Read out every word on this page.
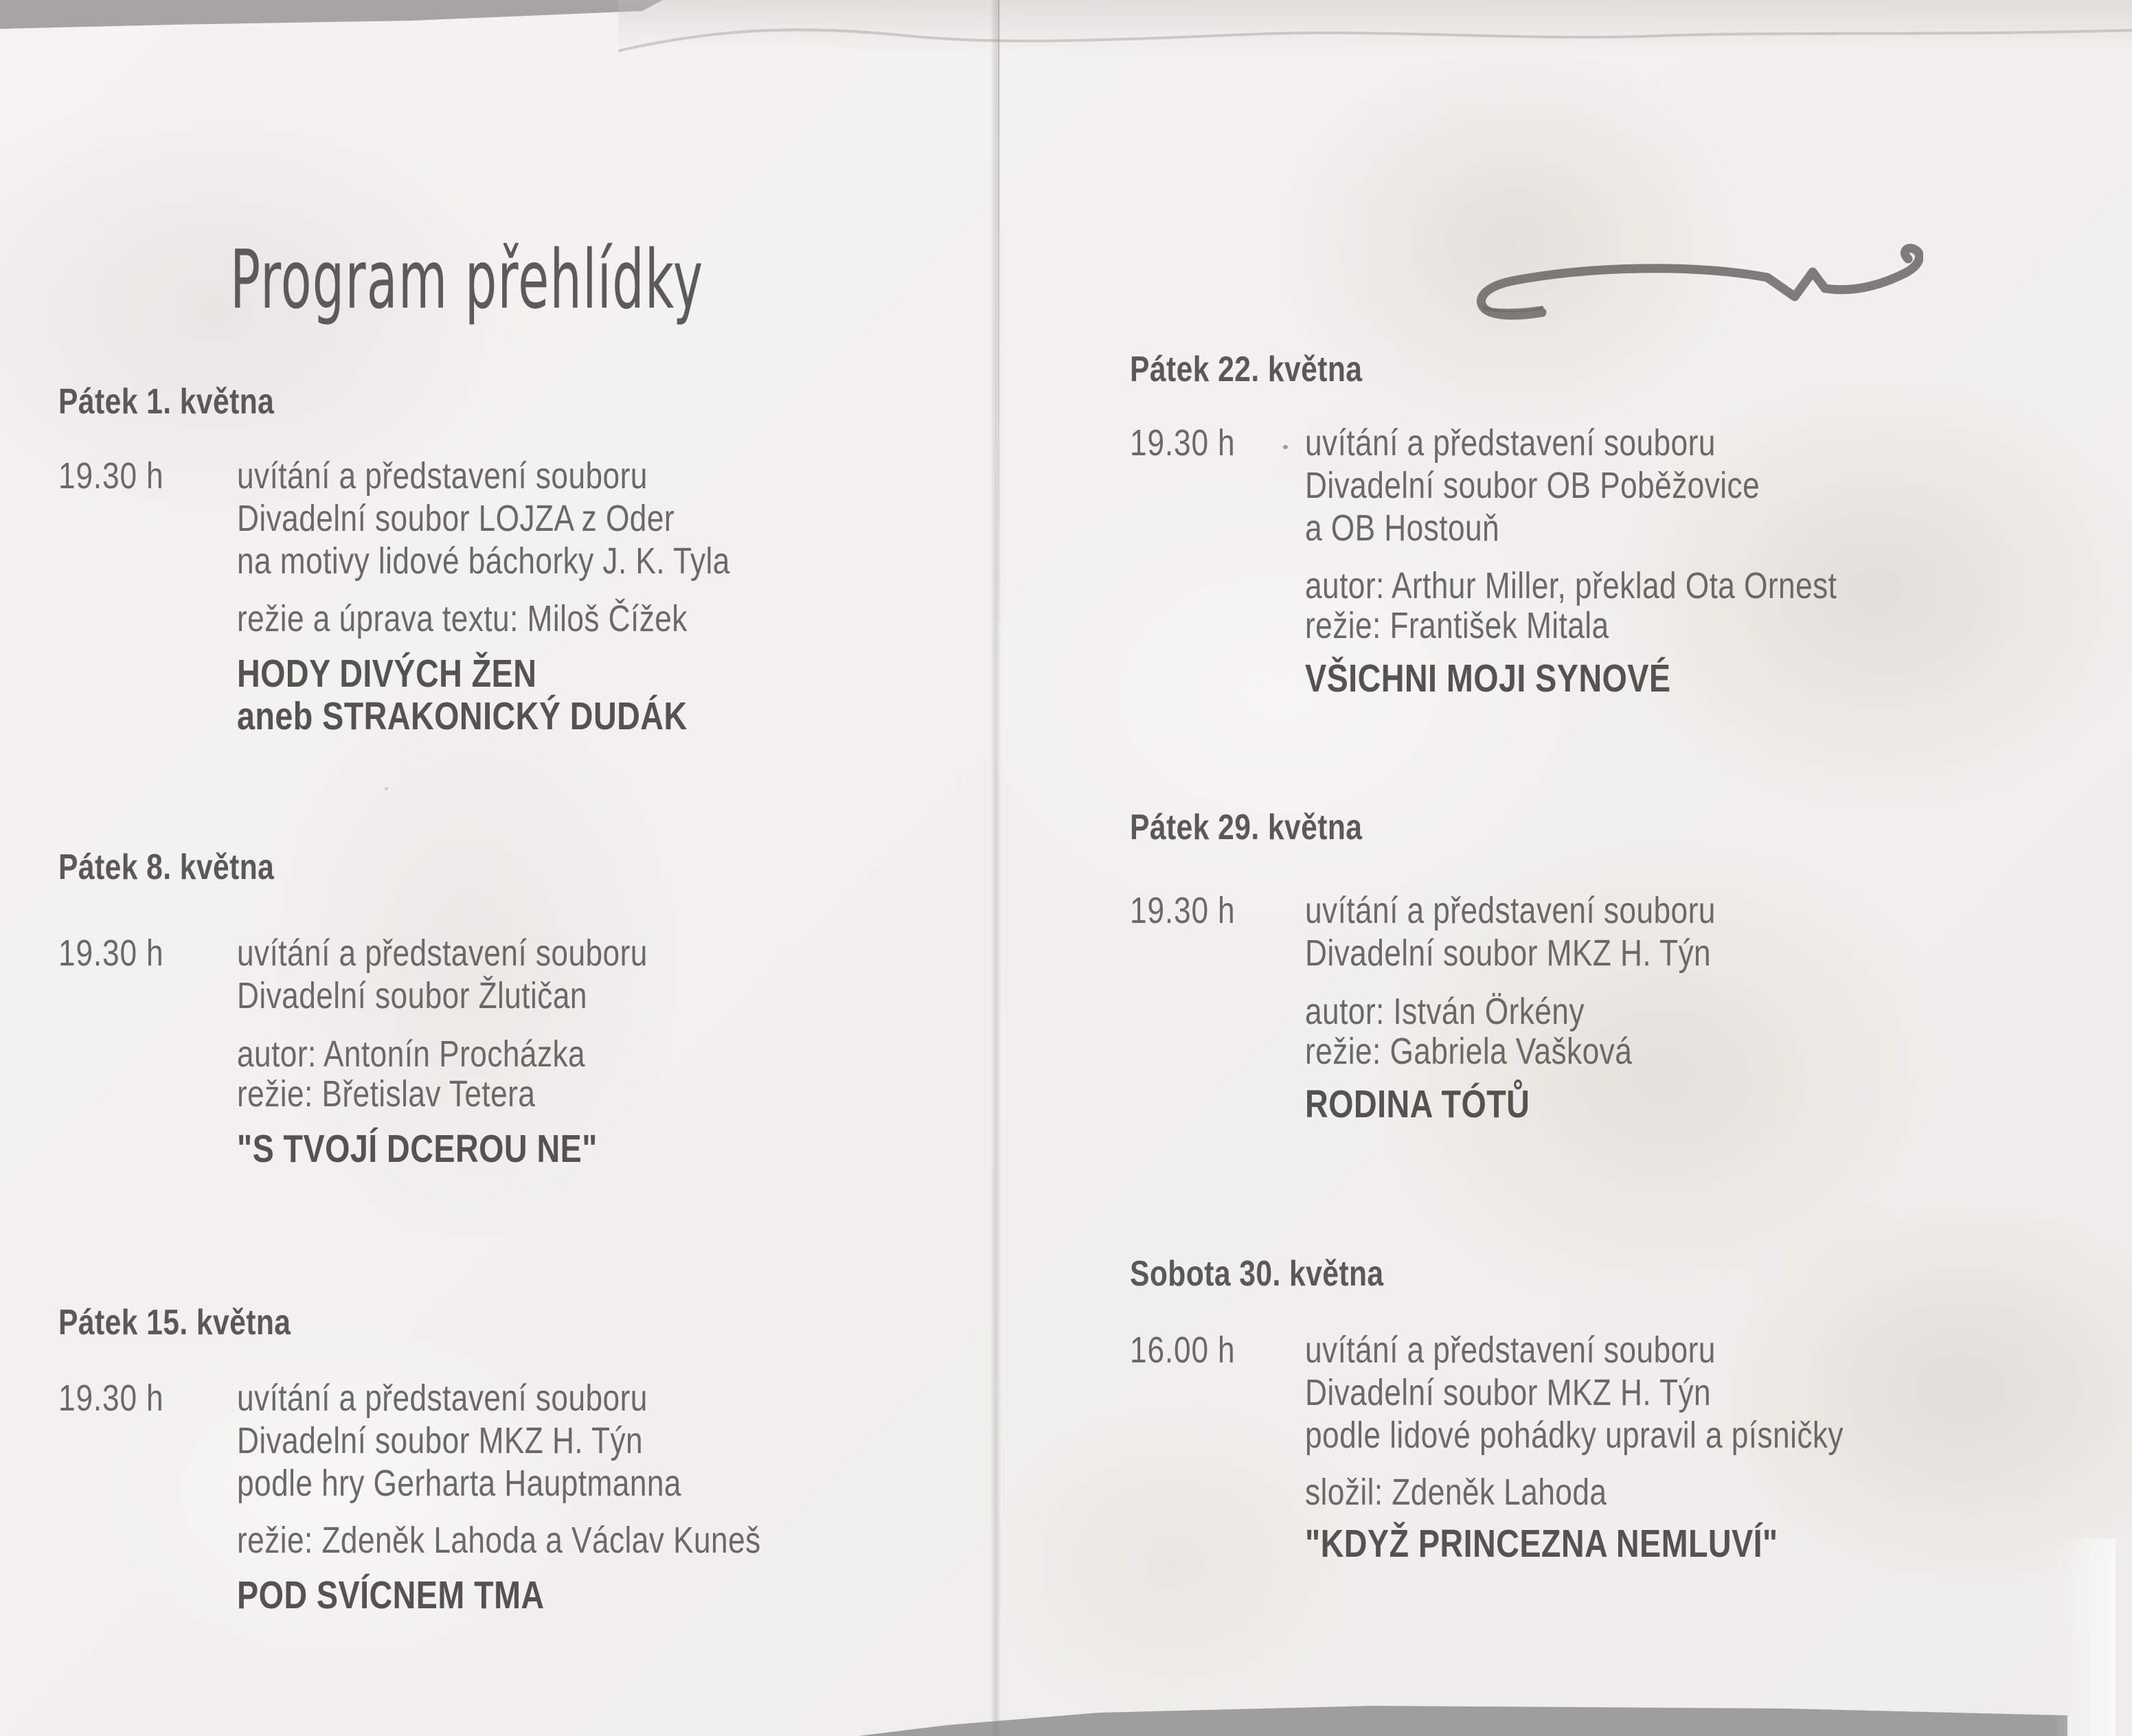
Program přehlídky
Pátek 1. května
19.30 h uvítání a představení souboru
Divadelní soubor LOJZA z Oder
na motivy lidové báchorky J. K. Tyla
režie a úprava textu: Miloš Čížek
HODY DIVÝCH ŽEN
aneb STRAKONICKÝ DUDÁK
Pátek 8. května
19.30 h uvítání a představení souboru
Divadelní soubor Žlutičan
autor: Antonín Procházka
režie: Břetislav Tetera
"S TVOJÍ DCEROU NE"
Pátek 15. května
19.30 h uvítání a představení souboru
Divadelní soubor MKZ H. Týn
podle hry Gerharta Hauptmanna
režie: Zdeněk Lahoda a Václav Kuneš
POD SVÍCNEM TMA
Pátek 22. května
19.30 h uvítání a představení souboru
Divadelní soubor OB Poběžovice
a OB Hostouň
autor: Arthur Miller, překlad Ota Ornest
režie: František Mitala
VŠICHNI MOJI SYNOVÉ
Pátek 29. května
19.30 h uvítání a představení souboru
Divadelní soubor MKZ H. Týn
autor: István Örkény
režie: Gabriela Vašková
RODINA TÓTŮ
Sobota 30. května
16.00 h uvítání a představení souboru
Divadelní soubor MKZ H. Týn
podle lidové pohádky upravil a písničky
složil: Zdeněk Lahoda
"KDYŽ PRINCEZNA NEMLUVÍ"
